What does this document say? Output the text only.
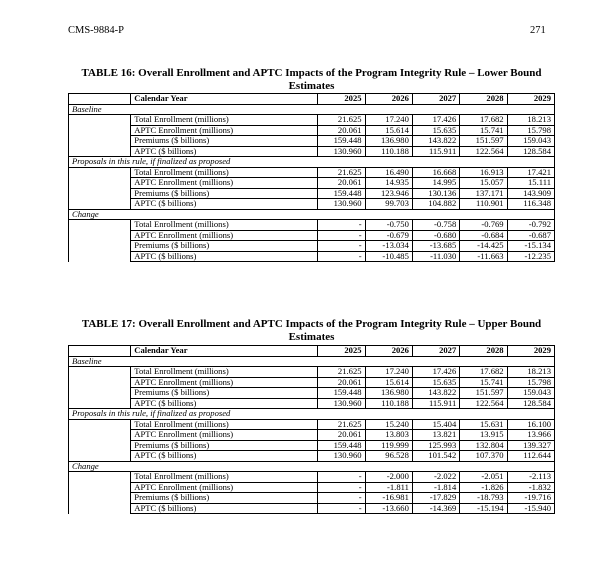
CMS-9884-P	271
TABLE 16: Overall Enrollment and APTC Impacts of the Program Integrity Rule – Lower Bound Estimates
	Calendar Year	2025	2026	2027	2028	2029
Baseline						
	Total Enrollment (millions)	21.625	17.240	17.426	17.682	18.213
	APTC Enrollment (millions)	20.061	15.614	15.635	15.741	15.798
	Premiums ($ billions)	159.448	136.980	143.822	151.597	159.043
	APTC ($ billions)	130.960	110.188	115.911	122.564	128.584
Proposals in this rule, if finalized as proposed						
	Total Enrollment (millions)	21.625	16.490	16.668	16.913	17.421
	APTC Enrollment (millions)	20.061	14.935	14.995	15.057	15.111
	Premiums ($ billions)	159.448	123.946	130.136	137.171	143.909
	APTC ($ billions)	130.960	99.703	104.882	110.901	116.348
Change						
	Total Enrollment (millions)	-	-0.750	-0.758	-0.769	-0.792
	APTC Enrollment (millions)	-	-0.679	-0.680	-0.684	-0.687
	Premiums ($ billions)	-	-13.034	-13.685	-14.425	-15.134
	APTC ($ billions)	-	-10.485	-11.030	-11.663	-12.235
TABLE 17: Overall Enrollment and APTC Impacts of the Program Integrity Rule – Upper Bound Estimates
	Calendar Year	2025	2026	2027	2028	2029
Baseline						
	Total Enrollment (millions)	21.625	17.240	17.426	17.682	18.213
	APTC Enrollment (millions)	20.061	15.614	15.635	15.741	15.798
	Premiums ($ billions)	159.448	136.980	143.822	151.597	159.043
	APTC ($ billions)	130.960	110.188	115.911	122.564	128.584
Proposals in this rule, if finalized as proposed						
	Total Enrollment (millions)	21.625	15.240	15.404	15.631	16.100
	APTC Enrollment (millions)	20.061	13.803	13.821	13.915	13.966
	Premiums ($ billions)	159.448	119.999	125.993	132.804	139.327
	APTC ($ billions)	130.960	96.528	101.542	107.370	112.644
Change						
	Total Enrollment (millions)	-	-2.000	-2.022	-2.051	-2.113
	APTC Enrollment (millions)	-	-1.811	-1.814	-1.826	-1.832
	Premiums ($ billions)	-	-16.981	-17.829	-18.793	-19.716
	APTC ($ billions)	-	-13.660	-14.369	-15.194	-15.940
